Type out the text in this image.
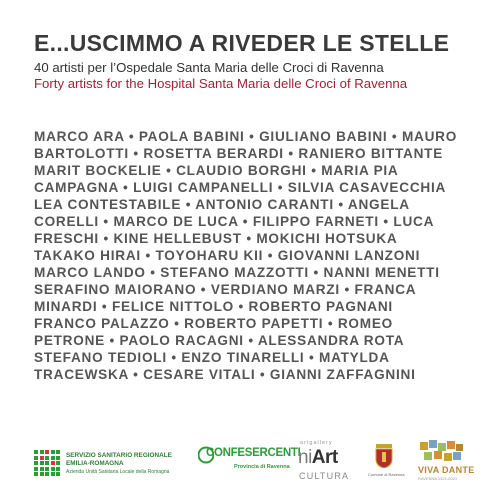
E...USCIMMO A RIVEDER LE STELLE
40 artisti per l’Ospedale Santa Maria delle Croci di Ravenna
Forty artists for the Hospital Santa Maria delle Croci of Ravenna
MARCO ARA • PAOLA BABINI • GIULIANO BABINI • MAURO
BARTOLOTTI • ROSETTA BERARDI • RANIERO BITTANTE
MARIT BOCKELIE • CLAUDIO BORGHI • MARIA PIA
CAMPAGNA • LUIGI CAMPANELLI • SILVIA CASAVECCHIA
LEA CONTESTABILE • ANTONIO CARANTI • ANGELA
CORELLI • MARCO DE LUCA • FILIPPO FARNETI • LUCA
FRESCHI • KINE HELLEBUST • MOKICHI HOTSUKA
TAKAKO HIRAI • TOYOHARU KII • GIOVANNI LANZONI
MARCO LANDO • STEFANO MAZZOTTI • NANNI MENETTI
SERAFINO MAIORANO • VERDIANO MARZI • FRANCA
MINARDI • FELICE NITTOLO • ROBERTO PAGNANI
FRANCO PALAZZO • ROBERTO PAPETTI • ROMEO
PETRONE • PAOLO RACAGNI • ALESSANDRA ROTA
STEFANO TEDIOLI • ENZO TINARELLI • MATYLDA
TRACEWSKA • CESARE VITALI • GIANNI ZAFFAGNINI
SERVIZIO SANITARIO REGIONALE
EMILIA-ROMAGNA
Azienda Unità Sanitaria Locale della Romagna
CONFESERCENTI
Provincia di Ravenna
artgallery
niArt
CULTURA	Comune di Ravenna VIVA DANTE
RAVENNA 1321-2021
